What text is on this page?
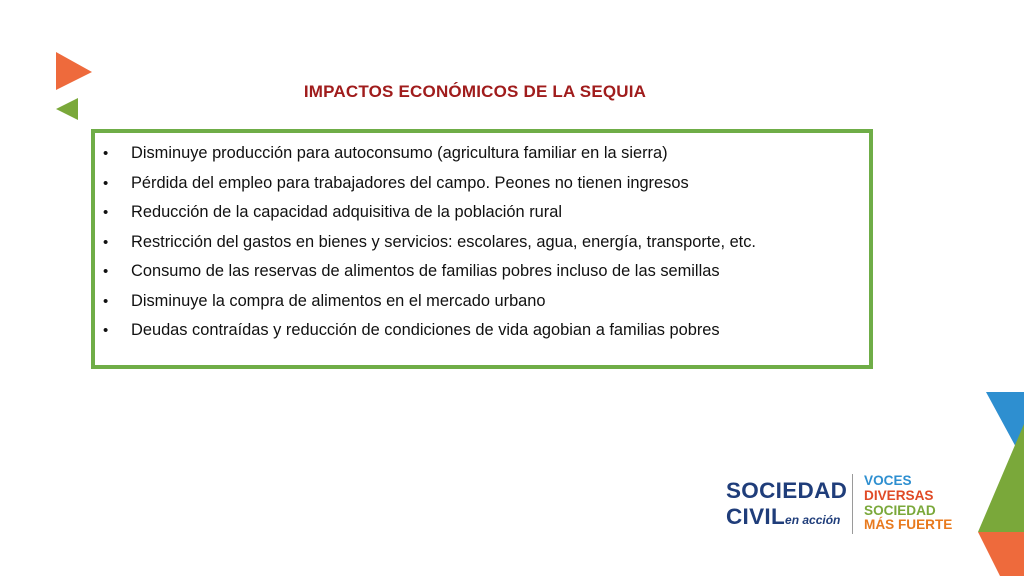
IMPACTOS ECONÓMICOS DE LA SEQUIA
• Disminuye producción para autoconsumo (agricultura familiar en la sierra)
• Pérdida del empleo para trabajadores del campo. Peones no tienen ingresos
• Reducción de la capacidad adquisitiva de la población rural
• Restricción del gastos en bienes y servicios: escolares, agua, energía, transporte, etc.
• Consumo de las reservas de alimentos de familias pobres incluso de las semillas
• Disminuye la compra de alimentos en el mercado urbano
• Deudas contraídas y reducción de condiciones de vida agobian a familias pobres
SOCIEDAD
CIVILen acción
VOCES
DIVERSAS
SOCIEDAD
MÁS FUERTE
